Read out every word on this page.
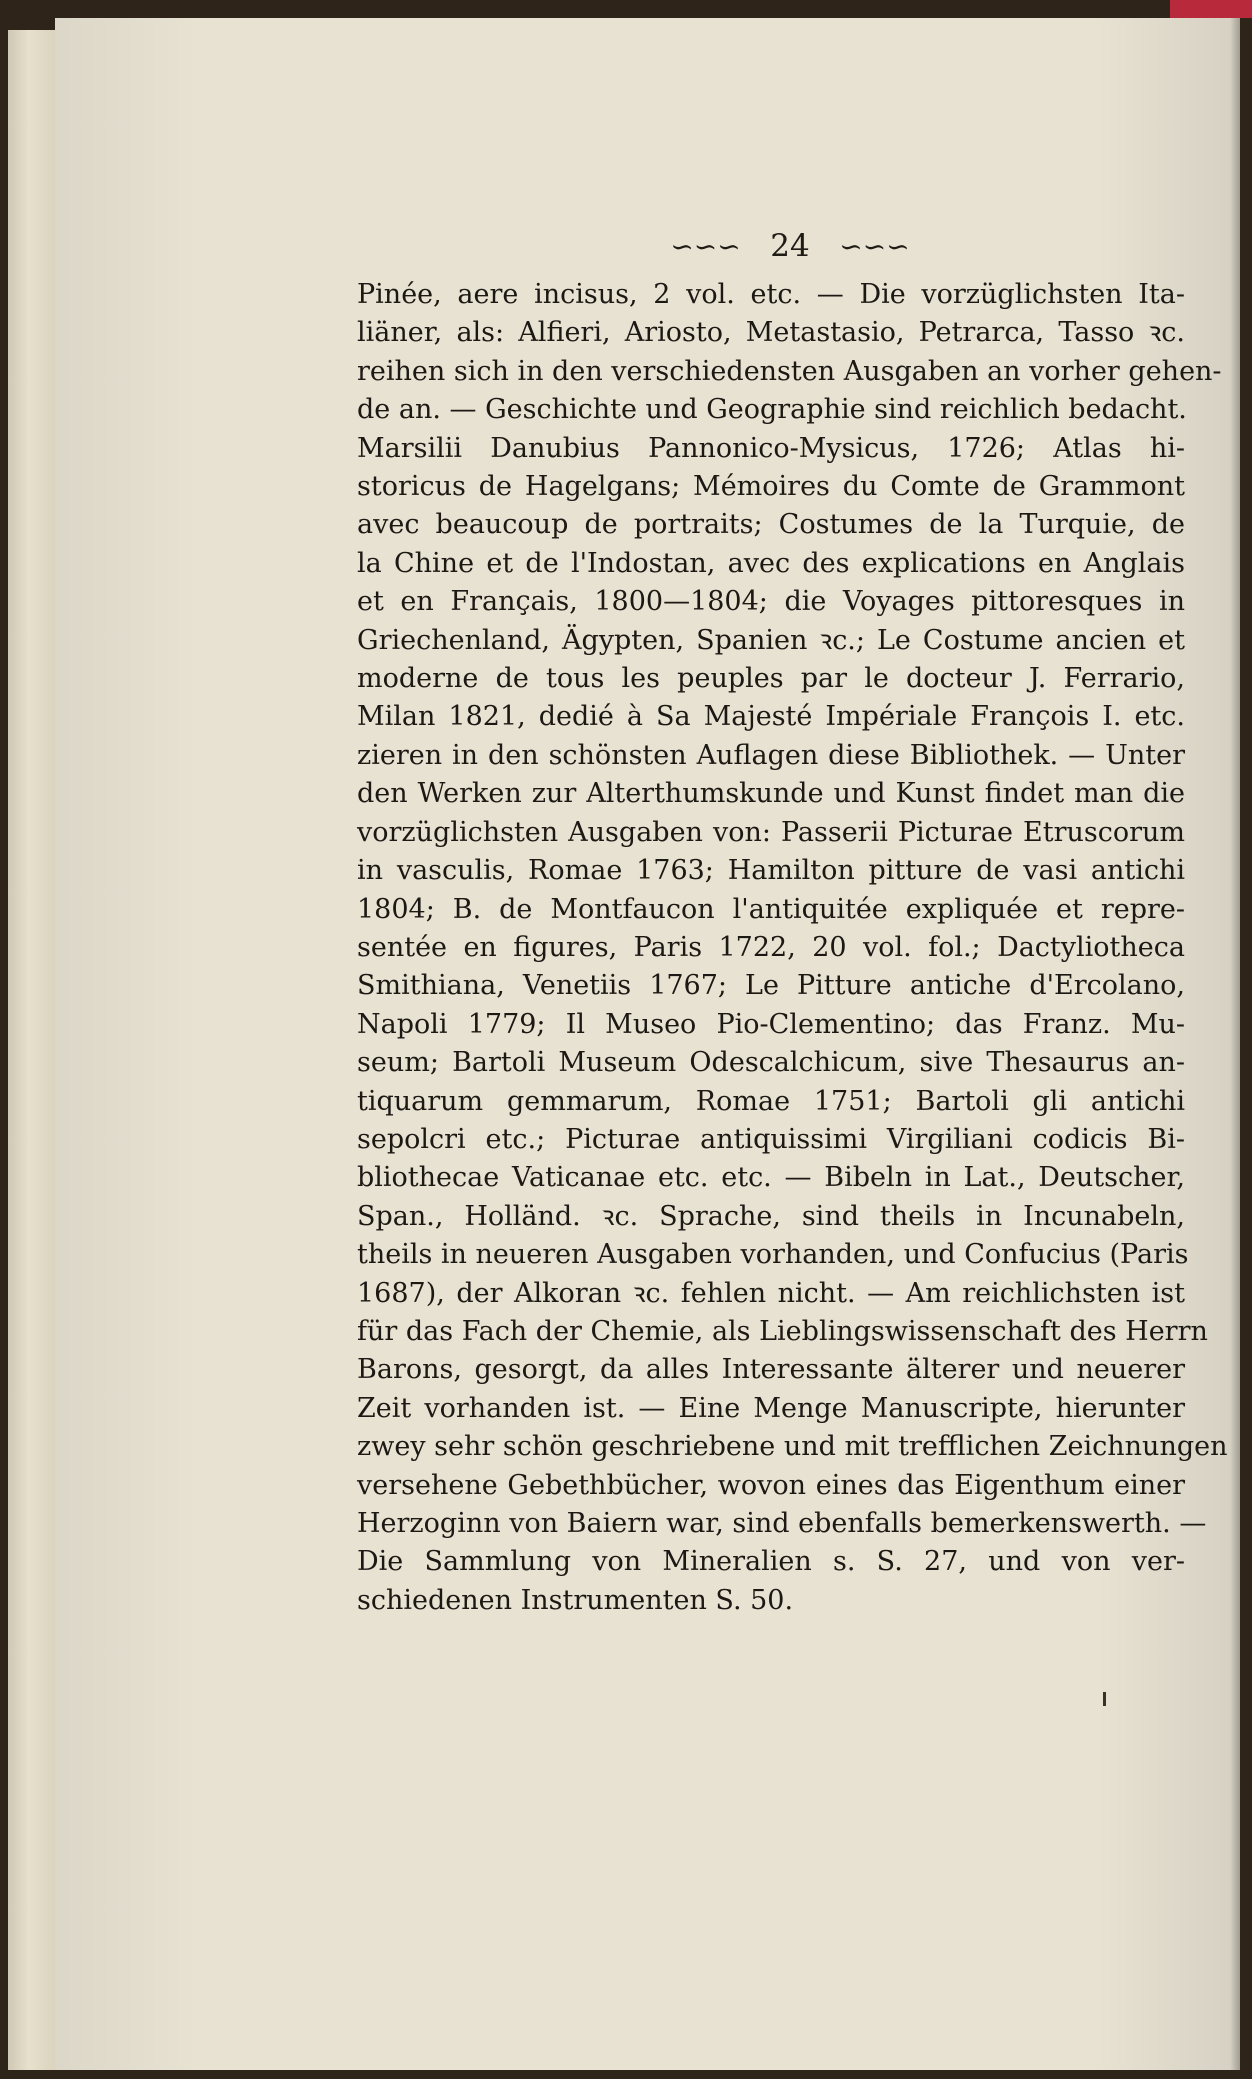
∽∽∽ 24 ∽∽∽
Pinée, aere incisus, 2 vol. etc. — Die vorzüglichsten Ita-
liäner, als: Alfieri, Ariosto, Metastasio, Petrarca, Tasso ꝛc.
reihen sich in den verschiedensten Ausgaben an vorher gehen-
de an. — Geschichte und Geographie sind reichlich bedacht.
Marsilii Danubius Pannonico-Mysicus, 1726; Atlas hi-
storicus de Hagelgans; Mémoires du Comte de Grammont
avec beaucoup de portraits; Costumes de la Turquie, de
la Chine et de l'Indostan, avec des explications en Anglais
et en Français, 1800—1804; die Voyages pittoresques in
Griechenland, Ägypten, Spanien ꝛc.; Le Costume ancien et
moderne de tous les peuples par le docteur J. Ferrario,
Milan 1821, dedié à Sa Majesté Impériale François I. etc.
zieren in den schönsten Auflagen diese Bibliothek. — Unter
den Werken zur Alterthumskunde und Kunst findet man die
vorzüglichsten Ausgaben von: Passerii Picturae Etruscorum
in vasculis, Romae 1763; Hamilton pitture de vasi antichi
1804; B. de Montfaucon l'antiquitée expliquée et repre-
sentée en figures, Paris 1722, 20 vol. fol.; Dactyliotheca
Smithiana, Venetiis 1767; Le Pitture antiche d'Ercolano,
Napoli 1779; Il Museo Pio-Clementino; das Franz. Mu-
seum; Bartoli Museum Odescalchicum, sive Thesaurus an-
tiquarum gemmarum, Romae 1751; Bartoli gli antichi
sepolcri etc.; Picturae antiquissimi Virgiliani codicis Bi-
bliothecae Vaticanae etc. etc. — Bibeln in Lat., Deutscher,
Span., Holländ. ꝛc. Sprache, sind theils in Incunabeln,
theils in neueren Ausgaben vorhanden, und Confucius (Paris
1687), der Alkoran ꝛc. fehlen nicht. — Am reichlichsten ist
für das Fach der Chemie, als Lieblingswissenschaft des Herrn
Barons, gesorgt, da alles Interessante älterer und neuerer
Zeit vorhanden ist. — Eine Menge Manuscripte, hierunter
zwey sehr schön geschriebene und mit trefflichen Zeichnungen
versehene Gebethbücher, wovon eines das Eigenthum einer
Herzoginn von Baiern war, sind ebenfalls bemerkenswerth. —
Die Sammlung von Mineralien s. S. 27, und von ver-
schiedenen Instrumenten S. 50.
